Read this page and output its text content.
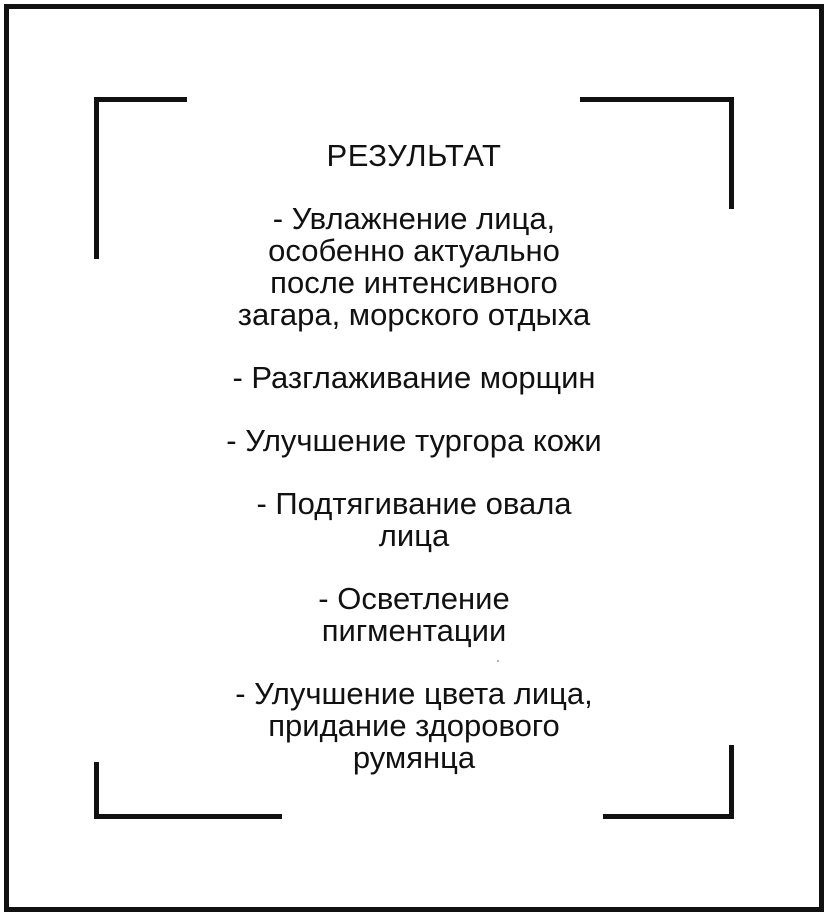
РЕЗУЛЬТАТ
- Увлажнение лица,
особенно актуально
после интенсивного
загара, морского отдыха
- Разглаживание морщин
- Улучшение тургора кожи
- Подтягивание овала
лица
- Осветление
пигментации
- Улучшение цвета лица,
придание здорового
румянца
